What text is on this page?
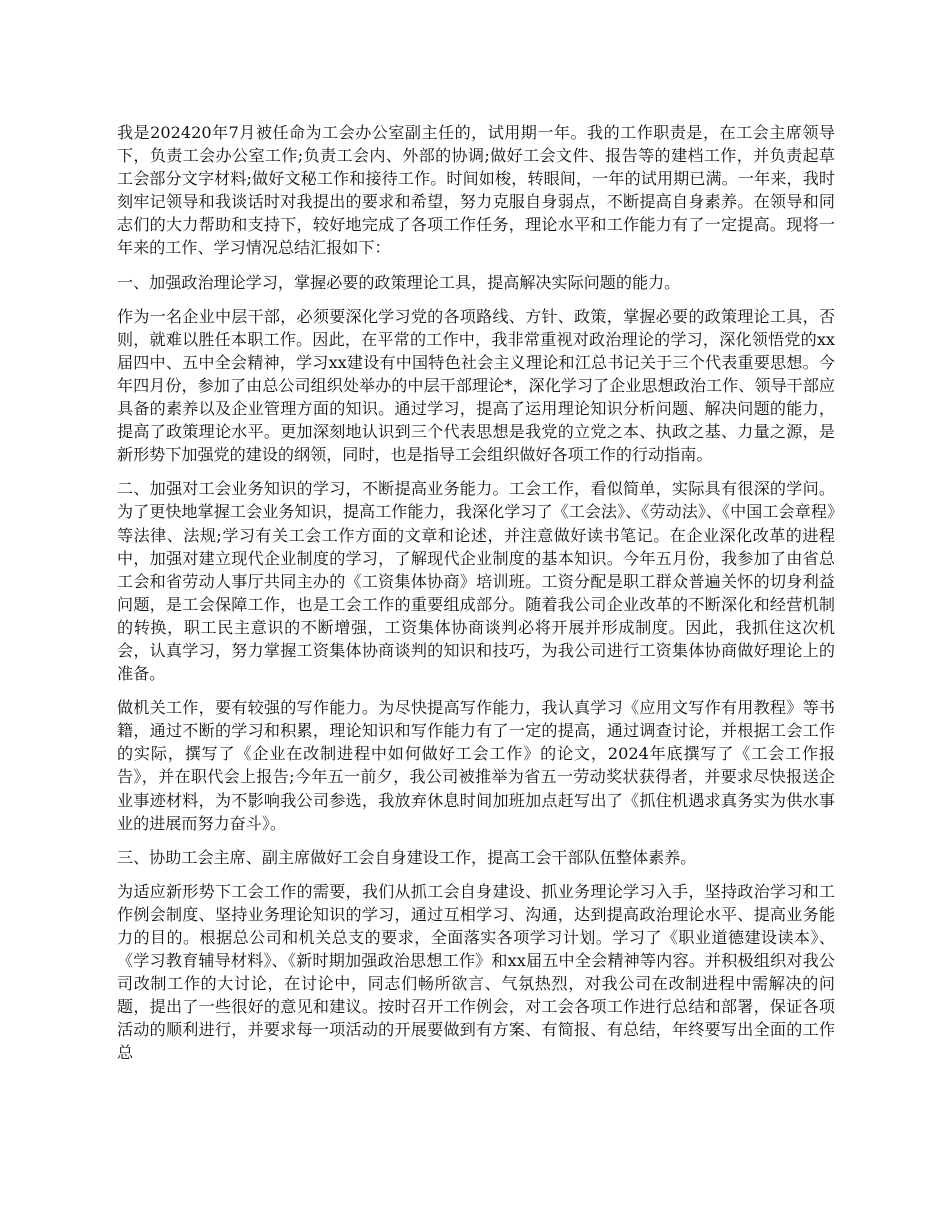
我是202420年7月被任命为工会办公室副主任的，试用期一年。我的工作职责是，在工会主席领导下，负责工会办公室工作;负责工会内、外部的协调;做好工会文件、报告等的建档工作，并负责起草工会部分文字材料;做好文秘工作和接待工作。时间如梭，转眼间，一年的试用期已满。一年来，我时刻牢记领导和我谈话时对我提出的要求和希望，努力克服自身弱点，不断提高自身素养。在领导和同志们的大力帮助和支持下，较好地完成了各项工作任务，理论水平和工作能力有了一定提高。现将一年来的工作、学习情况总结汇报如下：

一、加强政治理论学习，掌握必要的政策理论工具，提高解决实际问题的能力。

作为一名企业中层干部，必须要深化学习党的各项路线、方针、政策，掌握必要的政策理论工具，否则，就难以胜任本职工作。因此，在平常的工作中，我非常重视对政治理论的学习，深化领悟党的xx届四中、五中全会精神，学习xx建设有中国特色社会主义理论和江总书记关于三个代表重要思想。今年四月份，参加了由总公司组织处举办的中层干部理论*，深化学习了企业思想政治工作、领导干部应具备的素养以及企业管理方面的知识。通过学习，提高了运用理论知识分析问题、解决问题的能力，提高了政策理论水平。更加深刻地认识到三个代表思想是我党的立党之本、执政之基、力量之源，是新形势下加强党的建设的纲领，同时，也是指导工会组织做好各项工作的行动指南。

二、加强对工会业务知识的学习，不断提高业务能力。工会工作，看似简单，实际具有很深的学问。为了更快地掌握工会业务知识，提高工作能力，我深化学习了《工会法》、《劳动法》、《中国工会章程》等法律、法规;学习有关工会工作方面的文章和论述，并注意做好读书笔记。在企业深化改革的进程中，加强对建立现代企业制度的学习，了解现代企业制度的基本知识。今年五月份，我参加了由省总工会和省劳动人事厅共同主办的《工资集体协商》培训班。工资分配是职工群众普遍关怀的切身利益问题，是工会保障工作，也是工会工作的重要组成部分。随着我公司企业改革的不断深化和经营机制的转换，职工民主意识的不断增强，工资集体协商谈判必将开展并形成制度。因此，我抓住这次机会，认真学习，努力掌握工资集体协商谈判的知识和技巧，为我公司进行工资集体协商做好理论上的准备。

做机关工作，要有较强的写作能力。为尽快提高写作能力，我认真学习《应用文写作有用教程》等书籍，通过不断的学习和积累，理论知识和写作能力有了一定的提高，通过调查讨论，并根据工会工作的实际，撰写了《企业在改制进程中如何做好工会工作》的论文，2024年底撰写了《工会工作报告》，并在职代会上报告;今年五一前夕，我公司被推举为省五一劳动奖状获得者，并要求尽快报送企业事迹材料，为不影响我公司参选，我放弃休息时间加班加点赶写出了《抓住机遇求真务实为供水事业的进展而努力奋斗》。

三、协助工会主席、副主席做好工会自身建设工作，提高工会干部队伍整体素养。

为适应新形势下工会工作的需要，我们从抓工会自身建设、抓业务理论学习入手，坚持政治学习和工作例会制度、坚持业务理论知识的学习，通过互相学习、沟通，达到提高政治理论水平、提高业务能力的目的。根据总公司和机关总支的要求，全面落实各项学习计划。学习了《职业道德建设读本》、《学习教育辅导材料》、《新时期加强政治思想工作》和xx届五中全会精神等内容。并积极组织对我公司改制工作的大讨论，在讨论中，同志们畅所欲言、气氛热烈，对我公司在改制进程中需解决的问题，提出了一些很好的意见和建议。按时召开工作例会，对工会各项工作进行总结和部署，保证各项活动的顺利进行，并要求每一项活动的开展要做到有方案、有简报、有总结，年终要写出全面的工作总
